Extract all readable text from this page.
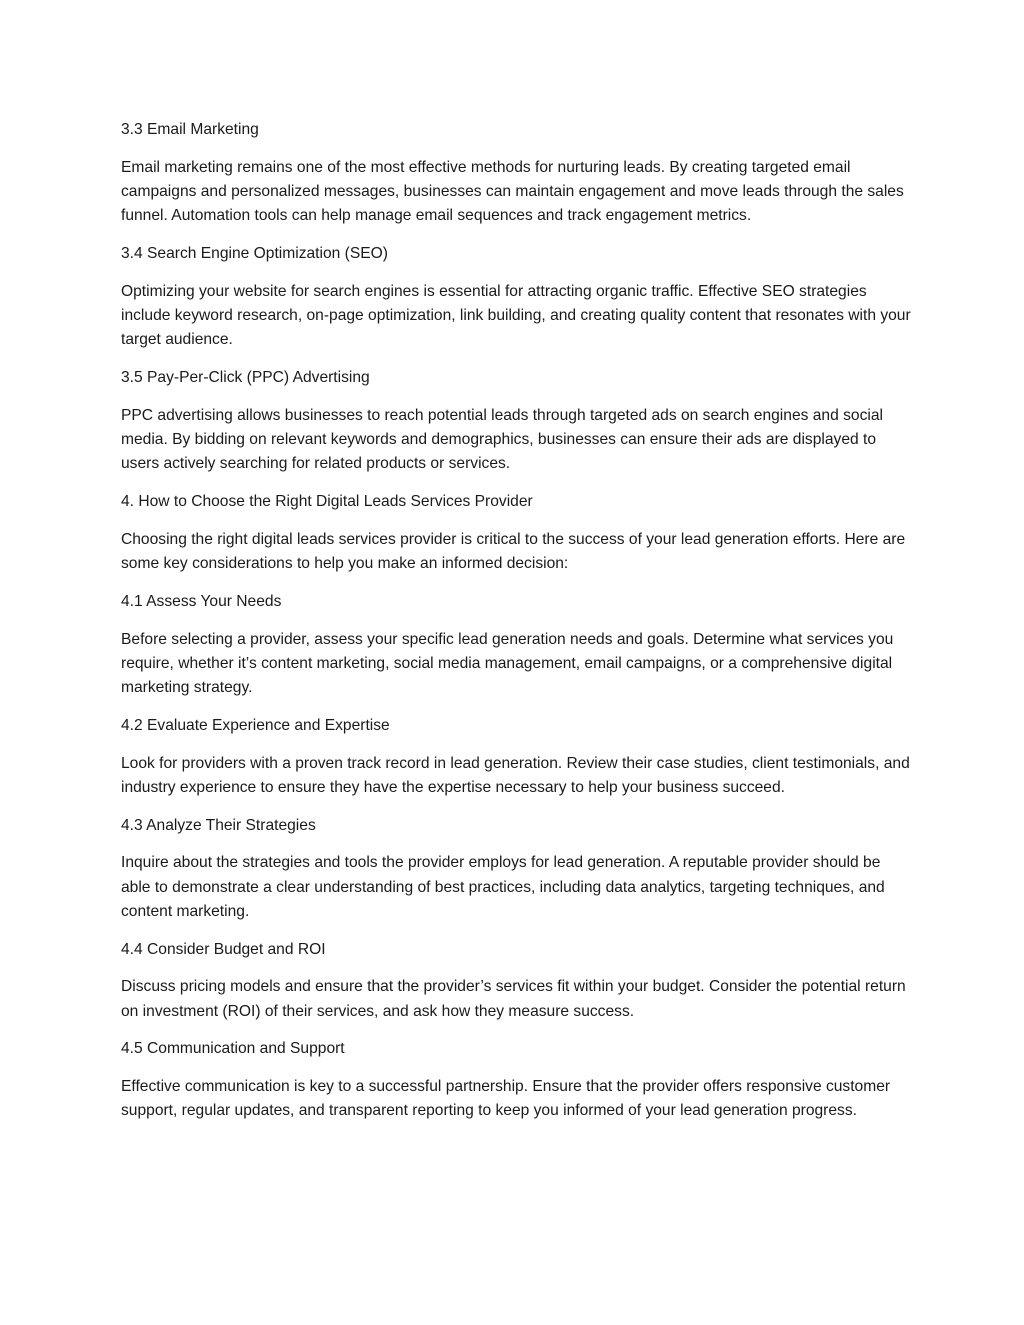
3.3 Email Marketing

Email marketing remains one of the most effective methods for nurturing leads. By creating targeted email campaigns and personalized messages, businesses can maintain engagement and move leads through the sales funnel. Automation tools can help manage email sequences and track engagement metrics.

3.4 Search Engine Optimization (SEO)

Optimizing your website for search engines is essential for attracting organic traffic. Effective SEO strategies include keyword research, on-page optimization, link building, and creating quality content that resonates with your target audience.

3.5 Pay-Per-Click (PPC) Advertising

PPC advertising allows businesses to reach potential leads through targeted ads on search engines and social media. By bidding on relevant keywords and demographics, businesses can ensure their ads are displayed to users actively searching for related products or services.

4. How to Choose the Right Digital Leads Services Provider

Choosing the right digital leads services provider is critical to the success of your lead generation efforts. Here are some key considerations to help you make an informed decision:

4.1 Assess Your Needs

Before selecting a provider, assess your specific lead generation needs and goals. Determine what services you require, whether it’s content marketing, social media management, email campaigns, or a comprehensive digital marketing strategy.

4.2 Evaluate Experience and Expertise

Look for providers with a proven track record in lead generation. Review their case studies, client testimonials, and industry experience to ensure they have the expertise necessary to help your business succeed.

4.3 Analyze Their Strategies

Inquire about the strategies and tools the provider employs for lead generation. A reputable provider should be able to demonstrate a clear understanding of best practices, including data analytics, targeting techniques, and content marketing.

4.4 Consider Budget and ROI

Discuss pricing models and ensure that the provider’s services fit within your budget. Consider the potential return on investment (ROI) of their services, and ask how they measure success.

4.5 Communication and Support

Effective communication is key to a successful partnership. Ensure that the provider offers responsive customer support, regular updates, and transparent reporting to keep you informed of your lead generation progress.
